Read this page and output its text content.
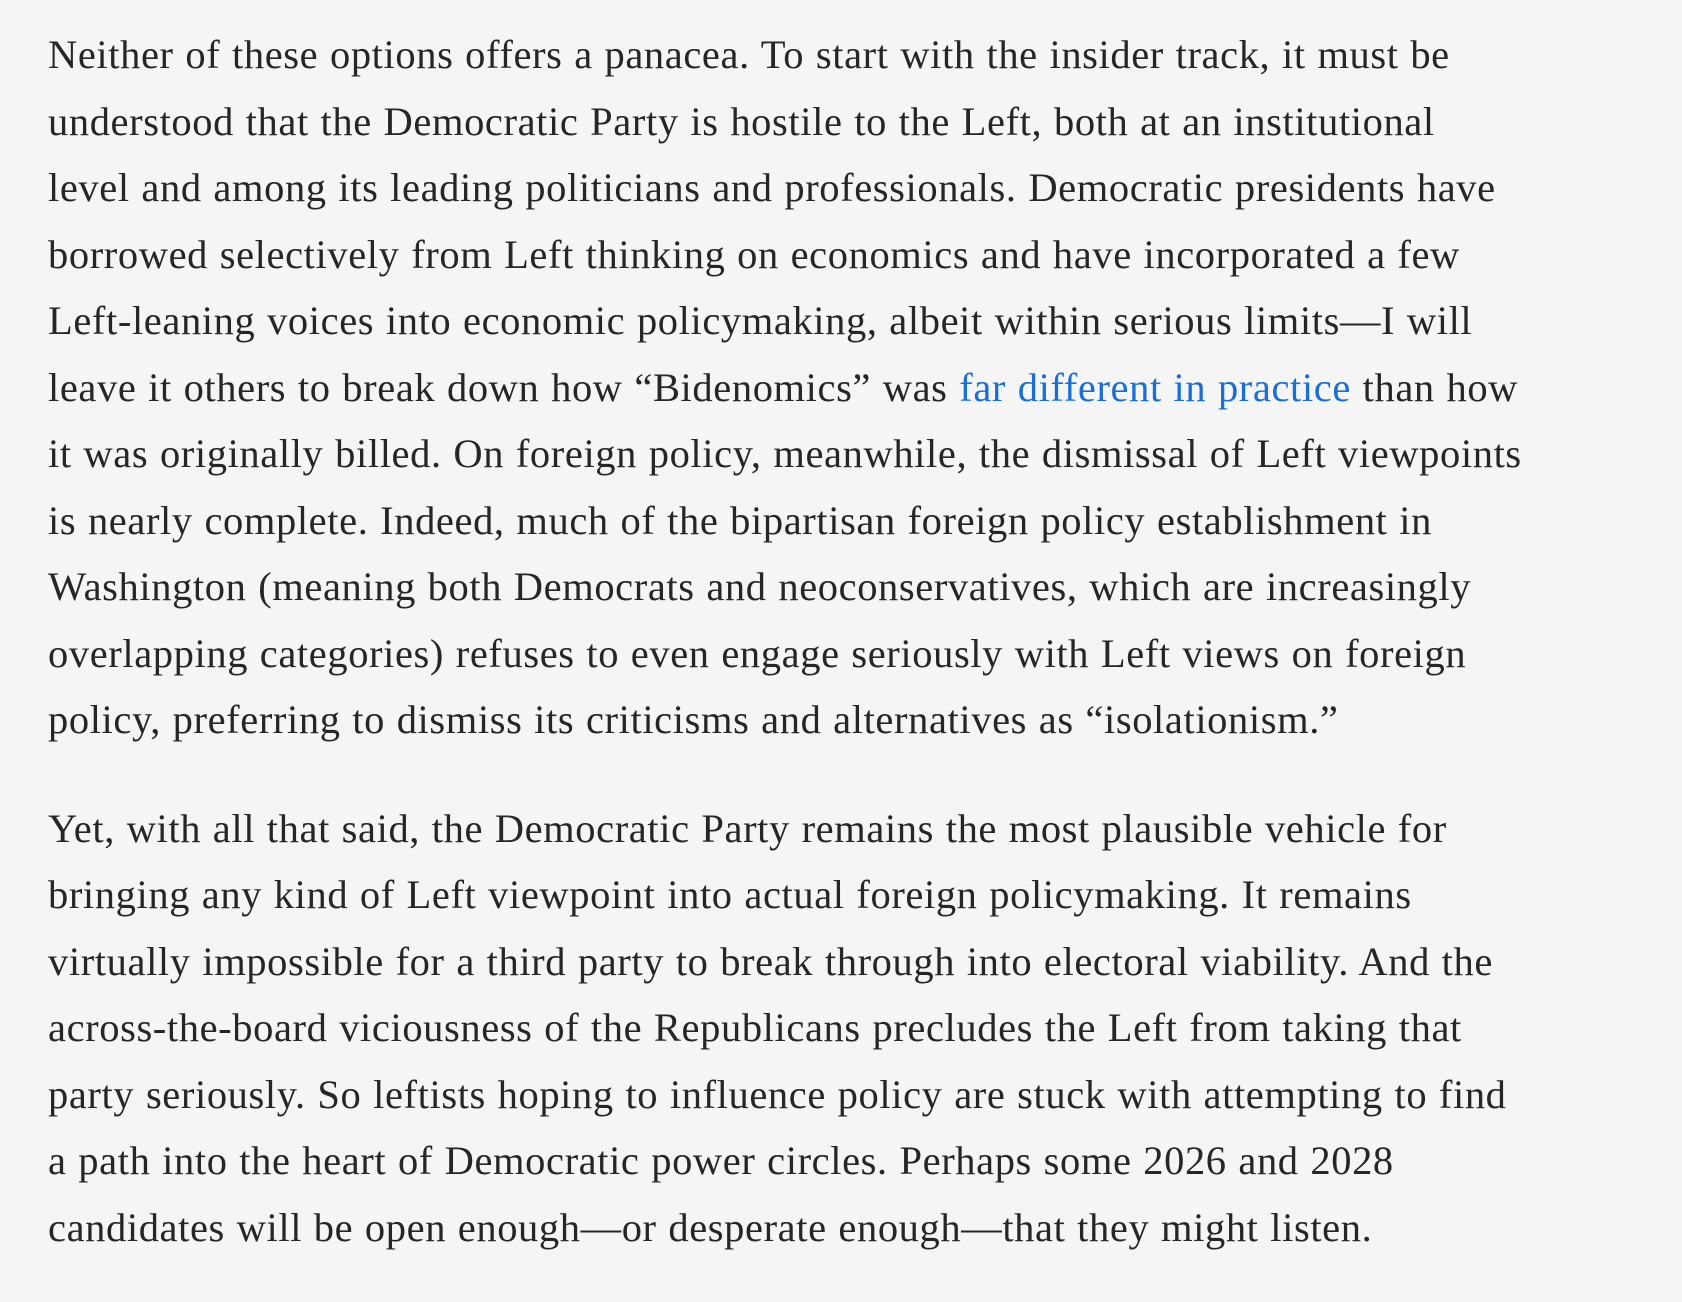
Neither of these options offers a panacea. To start with the insider track, it must be
understood that the Democratic Party is hostile to the Left, both at an institutional
level and among its leading politicians and professionals. Democratic presidents have
borrowed selectively from Left thinking on economics and have incorporated a few
Left-leaning voices into economic policymaking, albeit within serious limits—I will
leave it others to break down how “Bidenomics” was far different in practice than how
it was originally billed. On foreign policy, meanwhile, the dismissal of Left viewpoints
is nearly complete. Indeed, much of the bipartisan foreign policy establishment in
Washington (meaning both Democrats and neoconservatives, which are increasingly
overlapping categories) refuses to even engage seriously with Left views on foreign
policy, preferring to dismiss its criticisms and alternatives as “isolationism.”

Yet, with all that said, the Democratic Party remains the most plausible vehicle for
bringing any kind of Left viewpoint into actual foreign policymaking. It remains
virtually impossible for a third party to break through into electoral viability. And the
across-the-board viciousness of the Republicans precludes the Left from taking that
party seriously. So leftists hoping to influence policy are stuck with attempting to find
a path into the heart of Democratic power circles. Perhaps some 2026 and 2028
candidates will be open enough—or desperate enough—that they might listen.
